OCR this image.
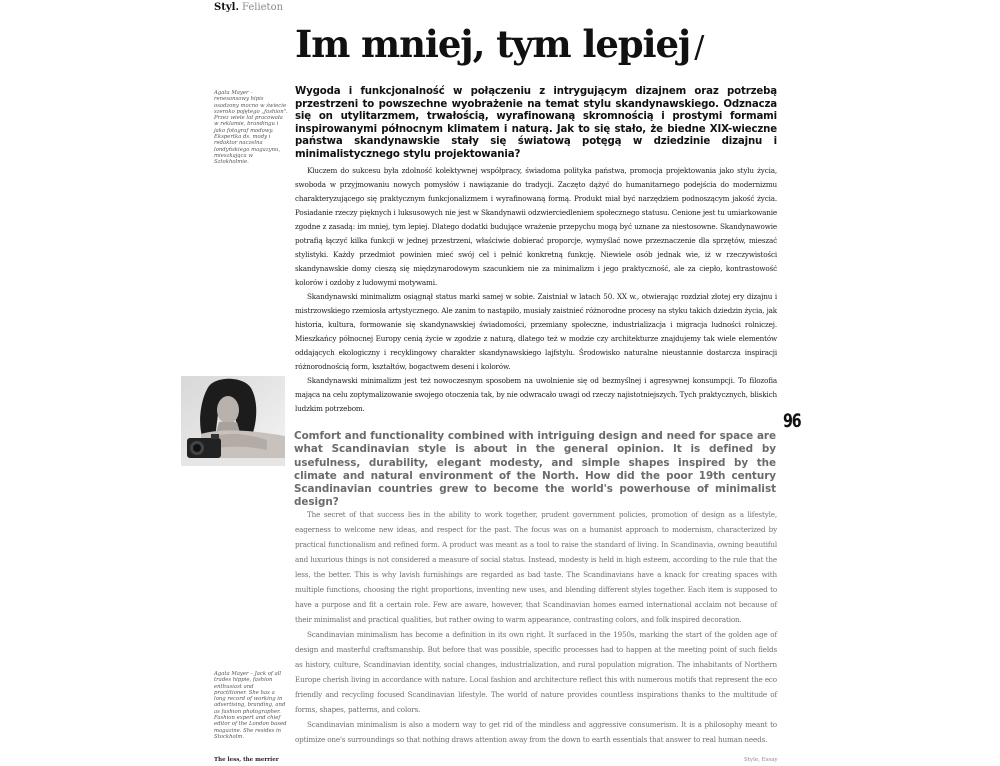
Styl. Felieton
Im mniej, tym lepiej /
Agata Mayer – renesansowy hipis osadzony mocno w świecie szeroko pojętego „fashion". Przez wiele lat pracowała w reklamie, brandingu i jako fotograf modowy. Ekspertka ds. mody i redaktor naczelna londyńskiego magazynu, mieszkająca w Sztokholmie.
Wygoda i funkcjonalność w połączeniu z intrygującym dizajnem oraz potrzebą przestrzeni to powszechne wyobrażenie na temat stylu skandynawskiego. Odznacza się on utylitarzmem, trwałością, wyrafinowaną skromnością i prostymi formami inspirowanymi północnym klimatem i naturą. Jak to się stało, że biedne XIX-wieczne państwa skandynawskie stały się światową potęgą w dziedzinie dizajnu i minimalistycznego stylu projektowania?

Kluczem do sukcesu była zdolność kolektywnej współpracy, świadoma polityka państwa, promocja projektowania jako stylu życia, swoboda w przyjmowaniu nowych pomysłów i nawiązanie do tradycji. Zaczęto dążyć do humanitarnego podejścia do modernizmu charakteryzującego się praktycznym funkcjonalizmem i wyrafinowaną formą. Produkt miał być narzędziem podnoszącym jakość życia. Posiadanie rzeczy pięknych i luksusowych nie jest w Skandynawii odzwierciedleniem społecznego statusu. Cenione jest tu umiarkowanie zgodne z zasadą: im mniej, tym lepiej. Dlatego dodatki budujące wrażenie przepychu mogą być uznane za niestosowne. Skandynawowie potrafią łączyć kilka funkcji w jednej przestrzeni, właściwie dobierać proporcje, wymyślać nowe przeznaczenie dla sprzętów, mieszać stylistyki. Każdy przedmiot powinien mieć swój cel i pełnić konkretną funkcję. Niewiele osób jednak wie, iż w rzeczywistości skandynawskie domy cieszą się międzynarodowym szacunkiem nie za minimalizm i jego praktyczność, ale za ciepło, kontrastowość kolorów i ozdoby z ludowymi motywami.

Skandynawski minimalizm osiągnął status marki samej w sobie. Zaistniał w latach 50. XX w., otwierając rozdział złotej ery dizajnu i mistrzowskiego rzemiosła artystycznego. Ale zanim to nastąpiło, musiały zaistnieć różnorodne procesy na styku takich dziedzin życia, jak historia, kultura, formowanie się skandynawskiej świadomości, przemiany społeczne, industrializacja i migracja ludności rolniczej. Mieszkańcy północnej Europy cenią życie w zgodzie z naturą, dlatego też w modzie czy architekturze znajdujemy tak wiele elementów oddających ekologiczny i recyklingowy charakter skandynawskiego lajfstylu. Środowisko naturalne nieustannie dostarcza inspiracji różnorodnością form, kształtów, bogactwem deseni i kolorów.

Skandynawski minimalizm jest też nowoczesnym sposobem na uwolnienie się od bezmyślnej i agresywnej konsumpcji. To filozofia mająca na celu zoptymalizowanie swojego otoczenia tak, by nie odwracało uwagi od rzeczy najistotniejszych. Tych praktycznych, bliskich ludzkim potrzebom.

96
Comfort and functionality combined with intriguing design and need for space are what Scandinavian style is about in the general opinion. It is defined by usefulness, durability, elegant modesty, and simple shapes inspired by the climate and natural environment of the North. How did the poor 19th century Scandinavian countries grew to become the world's powerhouse of minimalist design?

The secret of that success lies in the ability to work together, prudent government policies, promotion of design as a lifestyle, eagerness to welcome new ideas, and respect for the past. The focus was on a humanist approach to modernism, characterized by practical functionalism and refined form. A product was meant as a tool to raise the standard of living. In Scandinavia, owning beautiful and luxurious things is not considered a measure of social status. Instead, modesty is held in high esteem, according to the rule that the less, the better. This is why lavish furnishings are regarded as bad taste. The Scandinavians have a knack for creating spaces with multiple functions, choosing the right proportions, inventing new uses, and blending different styles together. Each item is supposed to have a purpose and fit a certain role. Few are aware, however, that Scandinavian homes earned international acclaim not because of their minimalist and practical qualities, but rather owing to warm appearance, contrasting colors, and folk inspired decoration.

Scandinavian minimalism has become a definition in its own right. It surfaced in the 1950s, marking the start of the golden age of design and masterful craftsmanship. But before that was possible, specific processes had to happen at the meeting point of such fields as history, culture, Scandinavian identity, social changes, industrialization, and rural population migration. The inhabitants of Northern Europe cherish living in accordance with nature. Local fashion and architecture reflect this with numerous motifs that represent the eco friendly and recycling focused Scandinavian lifestyle. The world of nature provides countless inspirations thanks to the multitude of forms, shapes, patterns, and colors.

Scandinavian minimalism is also a modern way to get rid of the mindless and aggressive consumerism. It is a philosophy meant to optimize one's surroundings so that nothing draws attention away from the down to earth essentials that answer to real human needs.

Agata Mayer – Jack of all trades hippie, fashion enthusiast and practitioner. She has a long record of working in advertising, branding, and as fashion photographer. Fashion expert and chief editor of the London based magazine. She resides in Stockholm.
The less, the merrier	Style, Essay
